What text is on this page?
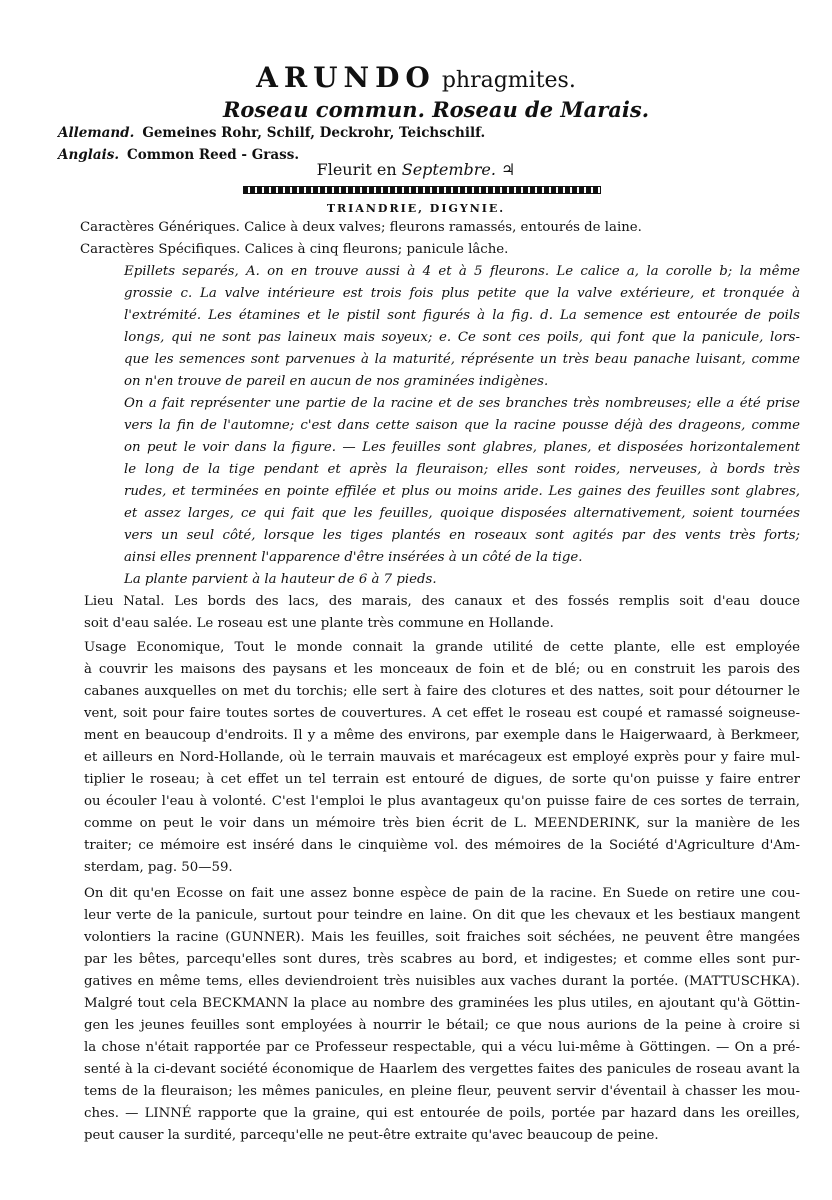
ARUNDO phragmites.
Roseau commun. Roseau de Marais.
Allemand. Gemeines Rohr, Schilf, Deckrohr, Teichschilf.
Anglais. Common Reed - Grass.
Fleurit en Septembre. ♃
TRIANDRIE, DIGYNIE.
Caractères Génériques. Calice à deux valves; fleurons ramassés, entourés de laine.
Caractères Spécifiques. Calices à cinq fleurons; panicule lâche.
Epillets separés, A. on en trouve aussi à 4 et à 5 fleurons. Le calice a, la corolle b; la même
grossie c. La valve intérieure est trois fois plus petite que la valve extérieure, et tronquée à
l'extrémité. Les étamines et le pistil sont figurés à la fig. d. La semence est entourée de poils
longs, qui ne sont pas laineux mais soyeux; e. Ce sont ces poils, qui font que la panicule, lors-
que les semences sont parvenues à la maturité, réprésente un très beau panache luisant, comme
on n'en trouve de pareil en aucun de nos graminées indigènes.
On a fait représenter une partie de la racine et de ses branches très nombreuses; elle a été prise
vers la fin de l'automne; c'est dans cette saison que la racine pousse déjà des drageons, comme
on peut le voir dans la figure. — Les feuilles sont glabres, planes, et disposées horizontalement
le long de la tige pendant et après la fleuraison; elles sont roides, nerveuses, à bords très
rudes, et terminées en pointe effilée et plus ou moins aride. Les gaines des feuilles sont glabres,
et assez larges, ce qui fait que les feuilles, quoique disposées alternativement, soient tournées
vers un seul côté, lorsque les tiges plantés en roseaux sont agités par des vents très forts;
ainsi elles prennent l'apparence d'être insérées à un côté de la tige.
La plante parvient à la hauteur de 6 à 7 pieds.
Lieu Natal. Les bords des lacs, des marais, des canaux et des fossés remplis soit d'eau douce
soit d'eau salée. Le roseau est une plante très commune en Hollande.
Usage Economique, Tout le monde connait la grande utilité de cette plante, elle est employée
à couvrir les maisons des paysans et les monceaux de foin et de blé; ou en construit les parois des
cabanes auxquelles on met du torchis; elle sert à faire des clotures et des nattes, soit pour détourner le
vent, soit pour faire toutes sortes de couvertures. A cet effet le roseau est coupé et ramassé soigneuse-
ment en beaucoup d'endroits. Il y a même des environs, par exemple dans le Haigerwaard, à Berkmeer,
et ailleurs en Nord-Hollande, où le terrain mauvais et marécageux est employé exprès pour y faire mul-
tiplier le roseau; à cet effet un tel terrain est entouré de digues, de sorte qu'on puisse y faire entrer
ou écouler l'eau à volonté. C'est l'emploi le plus avantageux qu'on puisse faire de ces sortes de terrain,
comme on peut le voir dans un mémoire très bien écrit de L. MEENDERINK, sur la manière de les
traiter; ce mémoire est inséré dans le cinquième vol. des mémoires de la Société d'Agriculture d'Am-
sterdam, pag. 50—59.
On dit qu'en Ecosse on fait une assez bonne espèce de pain de la racine. En Suede on retire une cou-
leur verte de la panicule, surtout pour teindre en laine. On dit que les chevaux et les bestiaux mangent
volontiers la racine (GUNNER). Mais les feuilles, soit fraiches soit séchées, ne peuvent être mangées
par les bêtes, parcequ'elles sont dures, très scabres au bord, et indigestes; et comme elles sont pur-
gatives en même tems, elles deviendroient très nuisibles aux vaches durant la portée. (MATTUSCHKA).
Malgré tout cela BECKMANN la place au nombre des graminées les plus utiles, en ajoutant qu'à Göttin-
gen les jeunes feuilles sont employées à nourrir le bétail; ce que nous aurions de la peine à croire si
la chose n'était rapportée par ce Professeur respectable, qui a vécu lui-même à Göttingen. — On a pré-
senté à la ci-devant société économique de Haarlem des vergettes faites des panicules de roseau avant la
tems de la fleuraison; les mêmes panicules, en pleine fleur, peuvent servir d'éventail à chasser les mou-
ches. — LINNÉ rapporte que la graine, qui est entourée de poils, portée par hazard dans les oreilles,
peut causer la surdité, parcequ'elle ne peut-être extraite qu'avec beaucoup de peine.
